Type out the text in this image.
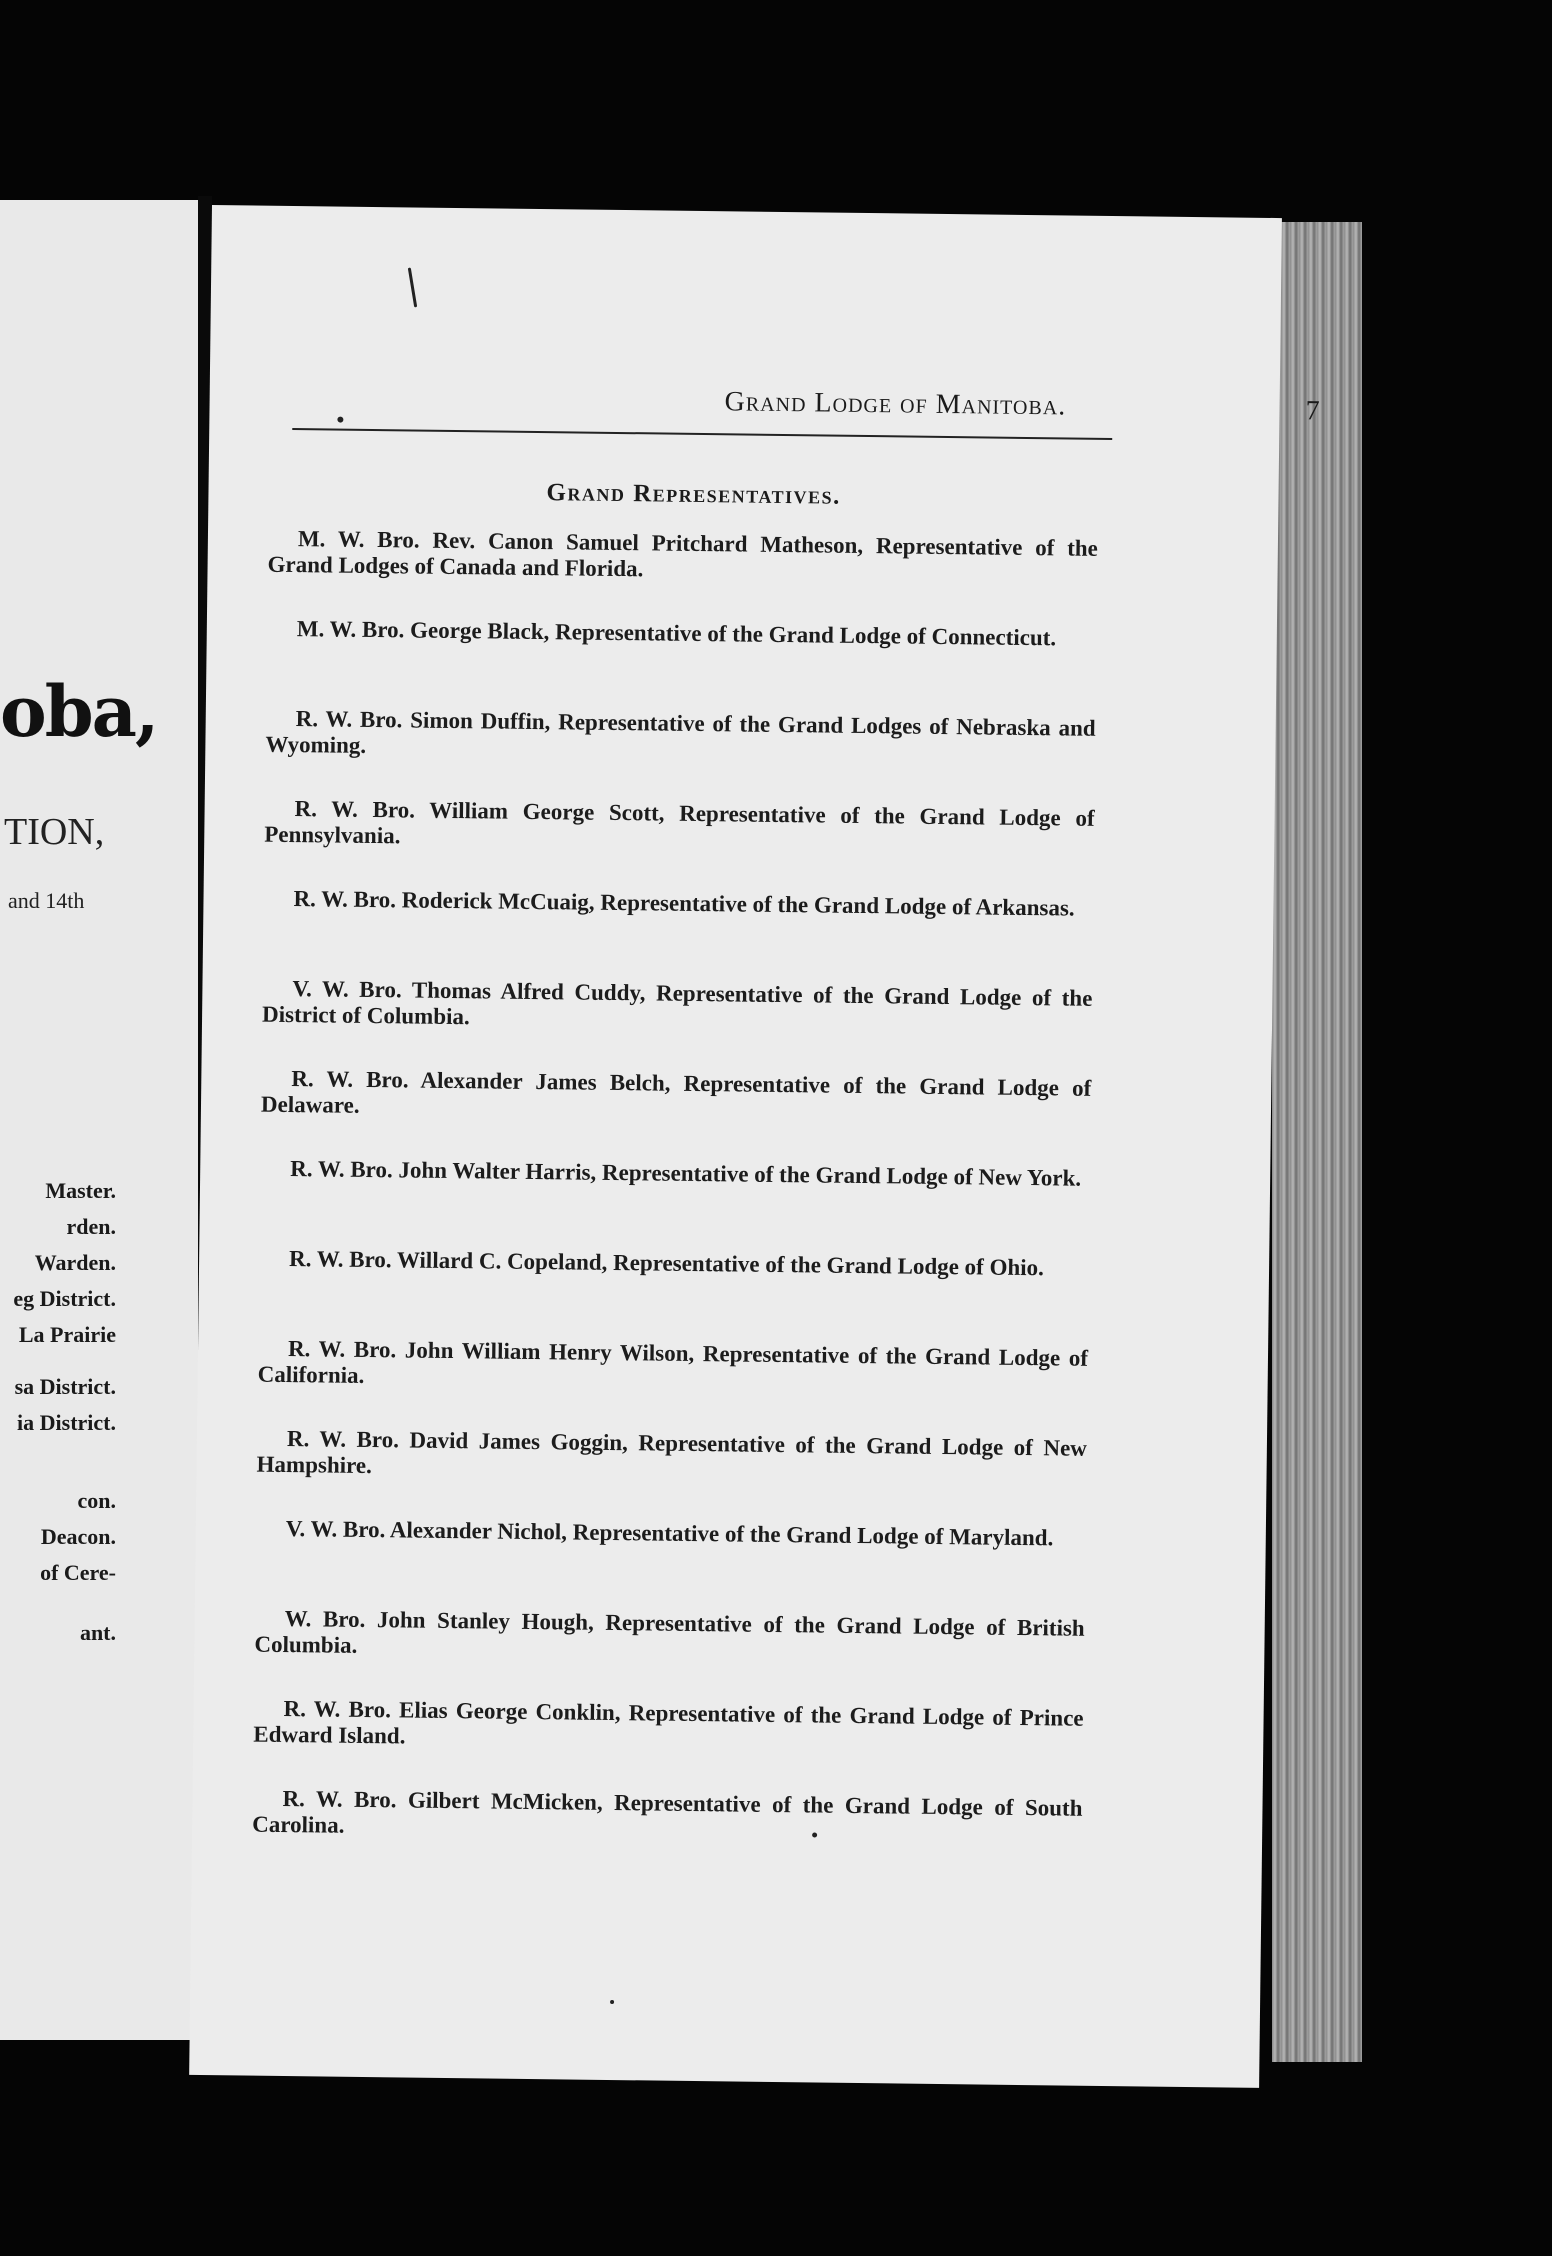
oba,
TION,
and 14th
Master.
rden.
Warden.
eg District.
La Prairie
sa District.
ia District.
con.
Deacon.
of Cere-
ant.
Grand Lodge of Manitoba.	7
Grand Representatives.
M. W. Bro. Rev. Canon Samuel Pritchard Matheson, Representative of the Grand Lodges of Canada and Florida.
M. W. Bro. George Black, Representative of the Grand Lodge of Connecticut.
R. W. Bro. Simon Duffin, Representative of the Grand Lodges of Nebraska and Wyoming.
R. W. Bro. William George Scott, Representative of the Grand Lodge of Pennsylvania.
R. W. Bro. Roderick McCuaig, Representative of the Grand Lodge of Arkansas.
V. W. Bro. Thomas Alfred Cuddy, Representative of the Grand Lodge of the District of Columbia.
R. W. Bro. Alexander James Belch, Representative of the Grand Lodge of Delaware.
R. W. Bro. John Walter Harris, Representative of the Grand Lodge of New York.
R. W. Bro. Willard C. Copeland, Representative of the Grand Lodge of Ohio.
R. W. Bro. John William Henry Wilson, Representative of the Grand Lodge of California.
R. W. Bro. David James Goggin, Representative of the Grand Lodge of New Hampshire.
V. W. Bro. Alexander Nichol, Representative of the Grand Lodge of Maryland.
W. Bro. John Stanley Hough, Representative of the Grand Lodge of British Columbia.
R. W. Bro. Elias George Conklin, Representative of the Grand Lodge of Prince Edward Island.
R. W. Bro. Gilbert McMicken, Representative of the Grand Lodge of South Carolina.
